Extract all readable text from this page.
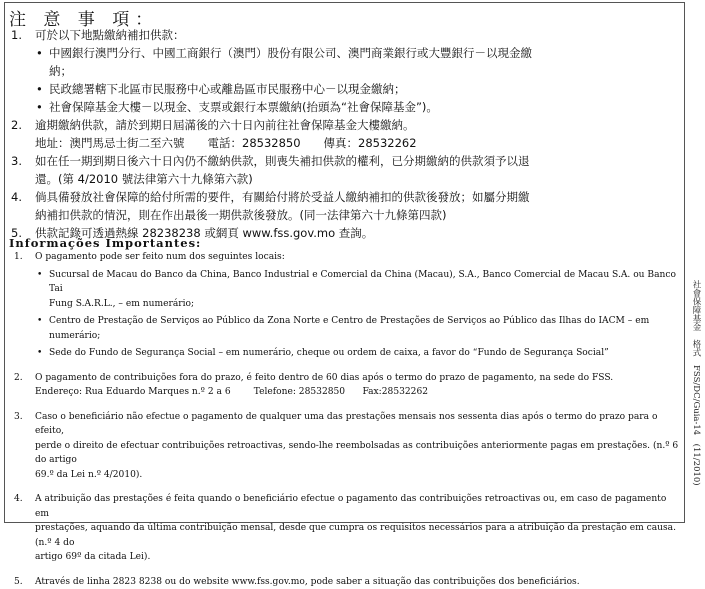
注 意 事 項：
1. 可於以下地點繳納補扣供款：
• 中國銀行澳門分行、中國工商銀行（澳門）股份有限公司、澳門商業銀行或大豐銀行－以現金繳
納；
• 民政總署轄下北區市民服務中心或離島區市民服務中心－以現金繳納；
• 社會保障基金大樓－以現金、支票或銀行本票繳納(抬頭為“社會保障基金”)。
2. 逾期繳納供款，請於到期日屆滿後的六十日內前往社會保障基金大樓繳納。
地址：澳門馬忌士街二至六號　　電話：28532850　　傳真：28532262
3. 如在任一期到期日後六十日內仍不繳納供款，則喪失補扣供款的權利，已分期繳納的供款須予以退
還。(第 4/2010 號法律第六十九條第六款)
4. 倘具備發放社會保障的給付所需的要件，有關給付將於受益人繳納補扣的供款後發放；如屬分期繳
納補扣供款的情況，則在作出最後一期供款後發放。(同一法律第六十九條第四款)
5. 供款記錄可透過熱線 28238238 或網頁 www.fss.gov.mo 查詢。
Informações Importantes:
1. O pagamento pode ser feito num dos seguintes locais:
• Sucursal de Macau do Banco da China, Banco Industrial e Comercial da China (Macau), S.A., Banco Comercial de Macau S.A. ou Banco Tai
Fung S.A.R.L., – em numerário;
• Centro de Prestação de Serviços ao Público da Zona Norte e Centro de Prestações de Serviços ao Público das Ilhas do IACM – em numerário;
• Sede do Fundo de Segurança Social – em numerário, cheque ou ordem de caixa, a favor do “Fundo de Segurança Social”
2. O pagamento de contribuições fora do prazo, é feito dentro de 60 dias após o termo do prazo de pagamento, na sede do FSS.
Endereço: Rua Eduardo Marques n.º 2 a 6        Telefone: 28532850      Fax:28532262
3. Caso o beneficiário não efectue o pagamento de qualquer uma das prestações mensais nos sessenta dias após o termo do prazo para o efeito,
perde o direito de efectuar contribuições retroactivas, sendo-lhe reembolsadas as contribuições anteriormente pagas em prestações. (n.º 6 do artigo
69.º da Lei n.º 4/2010).
4. A atribuição das prestações é feita quando o beneficiário efectue o pagamento das contribuições retroactivas ou, em caso de pagamento em
prestações, aquando da última contribuição mensal, desde que cumpra os requisitos necessários para a atribuição da prestação em causa. (n.º 4 do
artigo 69º da citada Lei).
5. Através de linha 2823 8238 ou do website www.fss.gov.mo, pode saber a situação das contribuições dos beneficiários.
社會保障基金　格式　FSS/DC/Guia-14　(11/2010)
